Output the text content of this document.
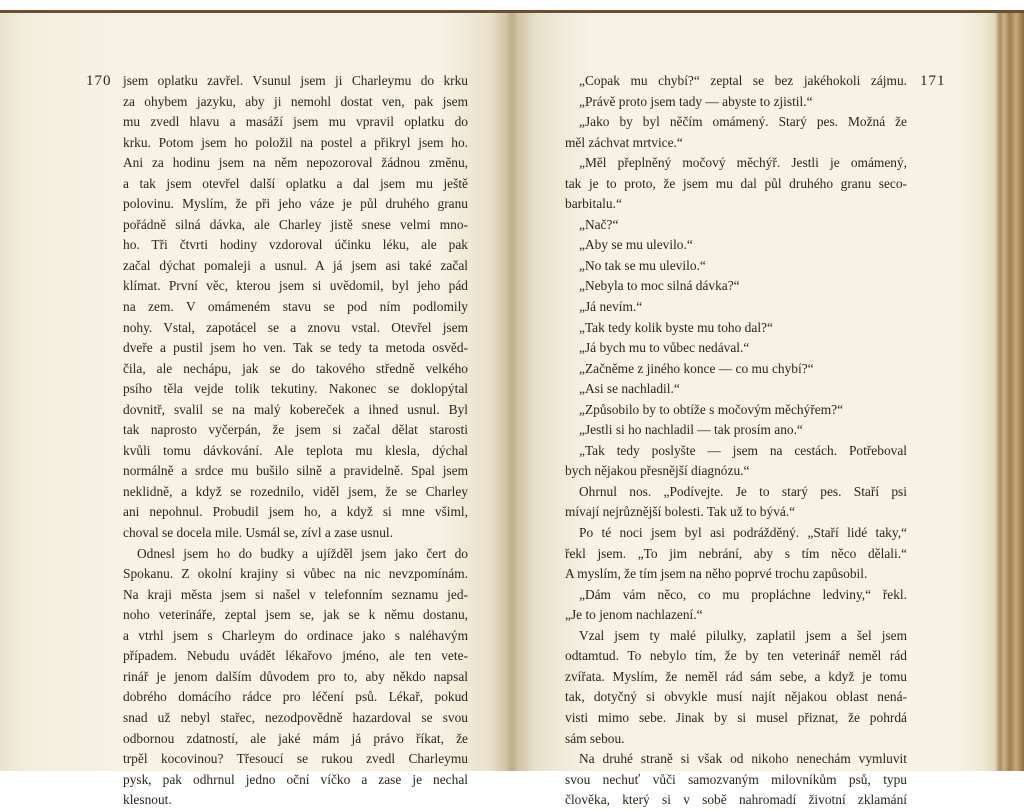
170 jsem oplatku zavřel. Vsunul jsem ji Charleymu do krku
za ohybem jazyku, aby ji nemohl dostat ven, pak jsem
mu zvedl hlavu a masáží jsem mu vpravil oplatku do
krku. Potom jsem ho položil na postel a přikryl jsem ho.
Ani za hodinu jsem na něm nepozoroval žádnou změnu,
a tak jsem otevřel další oplatku a dal jsem mu ještě
polovinu. Myslím, že při jeho váze je půl druhého granu
pořádně silná dávka, ale Charley jistě snese velmi mno-
ho. Tři čtvrti hodiny vzdoroval účinku léku, ale pak
začal dýchat pomaleji a usnul. A já jsem asi také začal
klímat. První věc, kterou jsem si uvědomil, byl jeho pád
na zem. V omámeném stavu se pod ním podlomily
nohy. Vstal, zapotácel se a znovu vstal. Otevřel jsem
dveře a pustil jsem ho ven. Tak se tedy ta metoda osvěd-
čila, ale nechápu, jak se do takového středně velkého
psího těla vejde tolik tekutiny. Nakonec se doklopýtal
dovnitř, svalil se na malý kobereček a ihned usnul. Byl
tak naprosto vyčerpán, že jsem si začal dělat starosti
kvůli tomu dávkování. Ale teplota mu klesla, dýchal
normálně a srdce mu bušilo silně a pravidelně. Spal jsem
neklidně, a když se rozednilo, viděl jsem, že se Charley
ani nepohnul. Probudil jsem ho, a když si mne všiml,
choval se docela mile. Usmál se, zívl a zase usnul.
Odnesl jsem ho do budky a ujížděl jsem jako čert do
Spokanu. Z okolní krajiny si vůbec na nic nevzpomínám.
Na kraji města jsem si našel v telefonním seznamu jed-
noho veterináře, zeptal jsem se, jak se k němu dostanu,
a vtrhl jsem s Charleym do ordinace jako s naléhavým
případem. Nebudu uvádět lékařovo jméno, ale ten vete-
rinář je jenom dalším důvodem pro to, aby někdo napsal
dobrého domácího rádce pro léčení psů. Lékař, pokud
snad už nebyl stařec, nezodpovědně hazardoval se svou
odbornou zdatností, ale jaké mám já právo říkat, že
trpěl kocovinou? Třesoucí se rukou zvedl Charleymu
pysk, pak odhrnul jedno oční víčko a zase je nechal
klesnout.
171
„Copak mu chybí?“ zeptal se bez jakéhokoli zájmu.
„Právě proto jsem tady — abyste to zjistil.“
„Jako by byl něčím omámený. Starý pes. Možná že
měl záchvat mrtvice.“
„Měl přeplněný močový měchýř. Jestli je omámený,
tak je to proto, že jsem mu dal půl druhého granu seco-
barbitalu.“
„Nač?“
„Aby se mu ulevilo.“
„No tak se mu ulevilo.“
„Nebyla to moc silná dávka?“
„Já nevím.“
„Tak tedy kolik byste mu toho dal?“
„Já bych mu to vůbec nedával.“
„Začněme z jiného konce — co mu chybí?“
„Asi se nachladil.“
„Způsobilo by to obtíže s močovým měchýřem?“
„Jestli si ho nachladil — tak prosím ano.“
„Tak tedy poslyšte — jsem na cestách. Potřeboval
bych nějakou přesnější diagnózu.“
Ohrnul nos. „Podívejte. Je to starý pes. Staří psi
mívají nejrůznější bolesti. Tak už to bývá.“
Po té noci jsem byl asi podrážděný. „Staří lidé taky,“
řekl jsem. „To jim nebrání, aby s tím něco dělali.“
A myslím, že tím jsem na něho poprvé trochu zapůsobil.
„Dám vám něco, co mu propláchne ledviny,“ řekl.
„Je to jenom nachlazení.“
Vzal jsem ty malé pilulky, zaplatil jsem a šel jsem
odtamtud. To nebylo tím, že by ten veterinář neměl rád
zvířata. Myslím, že neměl rád sám sebe, a když je tomu
tak, dotyčný si obvykle musí najít nějakou oblast nená-
visti mimo sebe. Jinak by si musel přiznat, že pohrdá
sám sebou.
Na druhé straně si však od nikoho nenechám vymluvit
svou nechuť vůči samozvaným milovníkům psů, typu
člověka, který si v sobě nahromadí životní zklamání
